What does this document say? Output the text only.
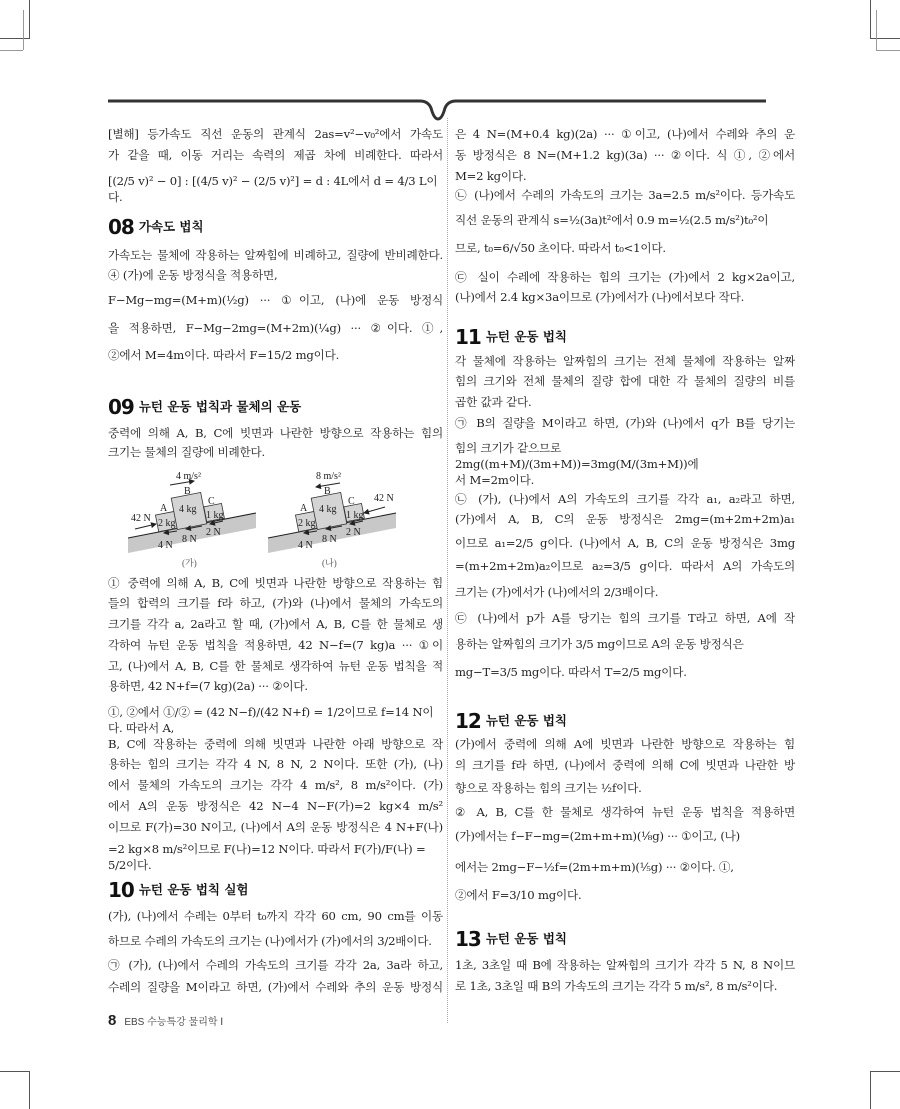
[별해] 등가속도 직선 운동의 관계식 2as=v²−v₀²에서 가속도
가 같을 때, 이동 거리는 속력의 제곱 차에 비례한다. 따라서
[(2/5 v)² − 0] : [(4/5 v)² − (2/5 v)²] = d : 4L에서 d = 4/3 L이다.
08 가속도 법칙
가속도는 물체에 작용하는 알짜힘에 비례하고, 질량에 반비례한다.
④ (가)에 운동 방정식을 적용하면,
F−Mg−mg=(M+m)(½g) ··· ①이고, (나)에 운동 방정식
을 적용하면, F−Mg−2mg=(M+2m)(¼g) ··· ②이다. ①,
②에서 M=4m이다. 따라서 F=15/2 mg이다.
09 뉴턴 운동 법칙과 물체의 운동
중력에 의해 A, B, C에 빗면과 나란한 방향으로 작용하는 힘의
크기는 물체의 질량에 비례한다.
4 m/s²
B
4 kg
A
2 kg
C
1 kg
42 N
4 N
8 N
2 N
(가)
8 m/s²
B
4 kg
A
2 kg
C
1 kg
42 N
4 N
8 N
2 N
(나)
① 중력에 의해 A, B, C에 빗면과 나란한 방향으로 작용하는 힘
들의 합력의 크기를 f라 하고, (가)와 (나)에서 물체의 가속도의
크기를 각각 a, 2a라고 할 때, (가)에서 A, B, C를 한 물체로 생
각하여 뉴턴 운동 법칙을 적용하면, 42 N−f=(7 kg)a ··· ①이
고, (나)에서 A, B, C를 한 물체로 생각하여 뉴턴 운동 법칙을 적
용하면, 42 N+f=(7 kg)(2a) ··· ②이다.
①, ②에서 ①/② = (42 N−f)/(42 N+f) = 1/2이므로 f=14 N이다. 따라서 A,
B, C에 작용하는 중력에 의해 빗면과 나란한 아래 방향으로 작
용하는 힘의 크기는 각각 4 N, 8 N, 2 N이다. 또한 (가), (나)
에서 물체의 가속도의 크기는 각각 4 m/s², 8 m/s²이다. (가)
에서 A의 운동 방정식은 42 N−4 N−F(가)=2 kg×4 m/s²
이므로 F(가)=30 N이고, (나)에서 A의 운동 방정식은 4 N+F(나)
=2 kg×8 m/s²이므로 F(나)=12 N이다. 따라서 F(가)/F(나) = 5/2이다.
10 뉴턴 운동 법칙 실험
(가), (나)에서 수레는 0부터 t₀까지 각각 60 cm, 90 cm를 이동
하므로 수레의 가속도의 크기는 (나)에서가 (가)에서의 3/2배이다.
㉠ (가), (나)에서 수레의 가속도의 크기를 각각 2a, 3a라 하고,
수레의 질량을 M이라고 하면, (가)에서 수레와 추의 운동 방정식
8 EBS 수능특강 물리학 Ⅰ
은 4 N=(M+0.4 kg)(2a) ··· ①이고, (나)에서 수레와 추의 운
동 방정식은 8 N=(M+1.2 kg)(3a) ··· ②이다. 식 ①, ②에서
M=2 kg이다.
㉡ (나)에서 수레의 가속도의 크기는 3a=2.5 m/s²이다. 등가속도
직선 운동의 관계식 s=½(3a)t²에서 0.9 m=½(2.5 m/s²)t₀²이
므로, t₀=6/√50 초이다. 따라서 t₀<1이다.
㉢ 실이 수레에 작용하는 힘의 크기는 (가)에서 2 kg×2a이고,
(나)에서 2.4 kg×3a이므로 (가)에서가 (나)에서보다 작다.
11 뉴턴 운동 법칙
각 물체에 작용하는 알짜힘의 크기는 전체 물체에 작용하는 알짜
힘의 크기와 전체 물체의 질량 합에 대한 각 물체의 질량의 비를
곱한 값과 같다.
㉠ B의 질량을 M이라고 하면, (가)와 (나)에서 q가 B를 당기는
힘의 크기가 같으므로 2mg((m+M)/(3m+M))=3mg(M/(3m+M))에
서 M=2m이다.
㉡ (가), (나)에서 A의 가속도의 크기를 각각 a₁, a₂라고 하면,
(가)에서 A, B, C의 운동 방정식은 2mg=(m+2m+2m)a₁
이므로 a₁=2/5 g이다. (나)에서 A, B, C의 운동 방정식은 3mg
=(m+2m+2m)a₂이므로 a₂=3/5 g이다. 따라서 A의 가속도의
크기는 (가)에서가 (나)에서의 2/3배이다.
㉢ (나)에서 p가 A를 당기는 힘의 크기를 T라고 하면, A에 작
용하는 알짜힘의 크기가 3/5 mg이므로 A의 운동 방정식은
mg−T=3/5 mg이다. 따라서 T=2/5 mg이다.
12 뉴턴 운동 법칙
(가)에서 중력에 의해 A에 빗면과 나란한 방향으로 작용하는 힘
의 크기를 f라 하면, (나)에서 중력에 의해 C에 빗면과 나란한 방
향으로 작용하는 힘의 크기는 ½f이다.
② A, B, C를 한 물체로 생각하여 뉴턴 운동 법칙을 적용하면
(가)에서는 f−F−mg=(2m+m+m)(⅛g) ··· ①이고, (나)
에서는 2mg−F−½f=(2m+m+m)(⅕g) ··· ②이다. ①,
②에서 F=3/10 mg이다.
13 뉴턴 운동 법칙
1초, 3초일 때 B에 작용하는 알짜힘의 크기가 각각 5 N, 8 N이므
로 1초, 3초일 때 B의 가속도의 크기는 각각 5 m/s², 8 m/s²이다.
